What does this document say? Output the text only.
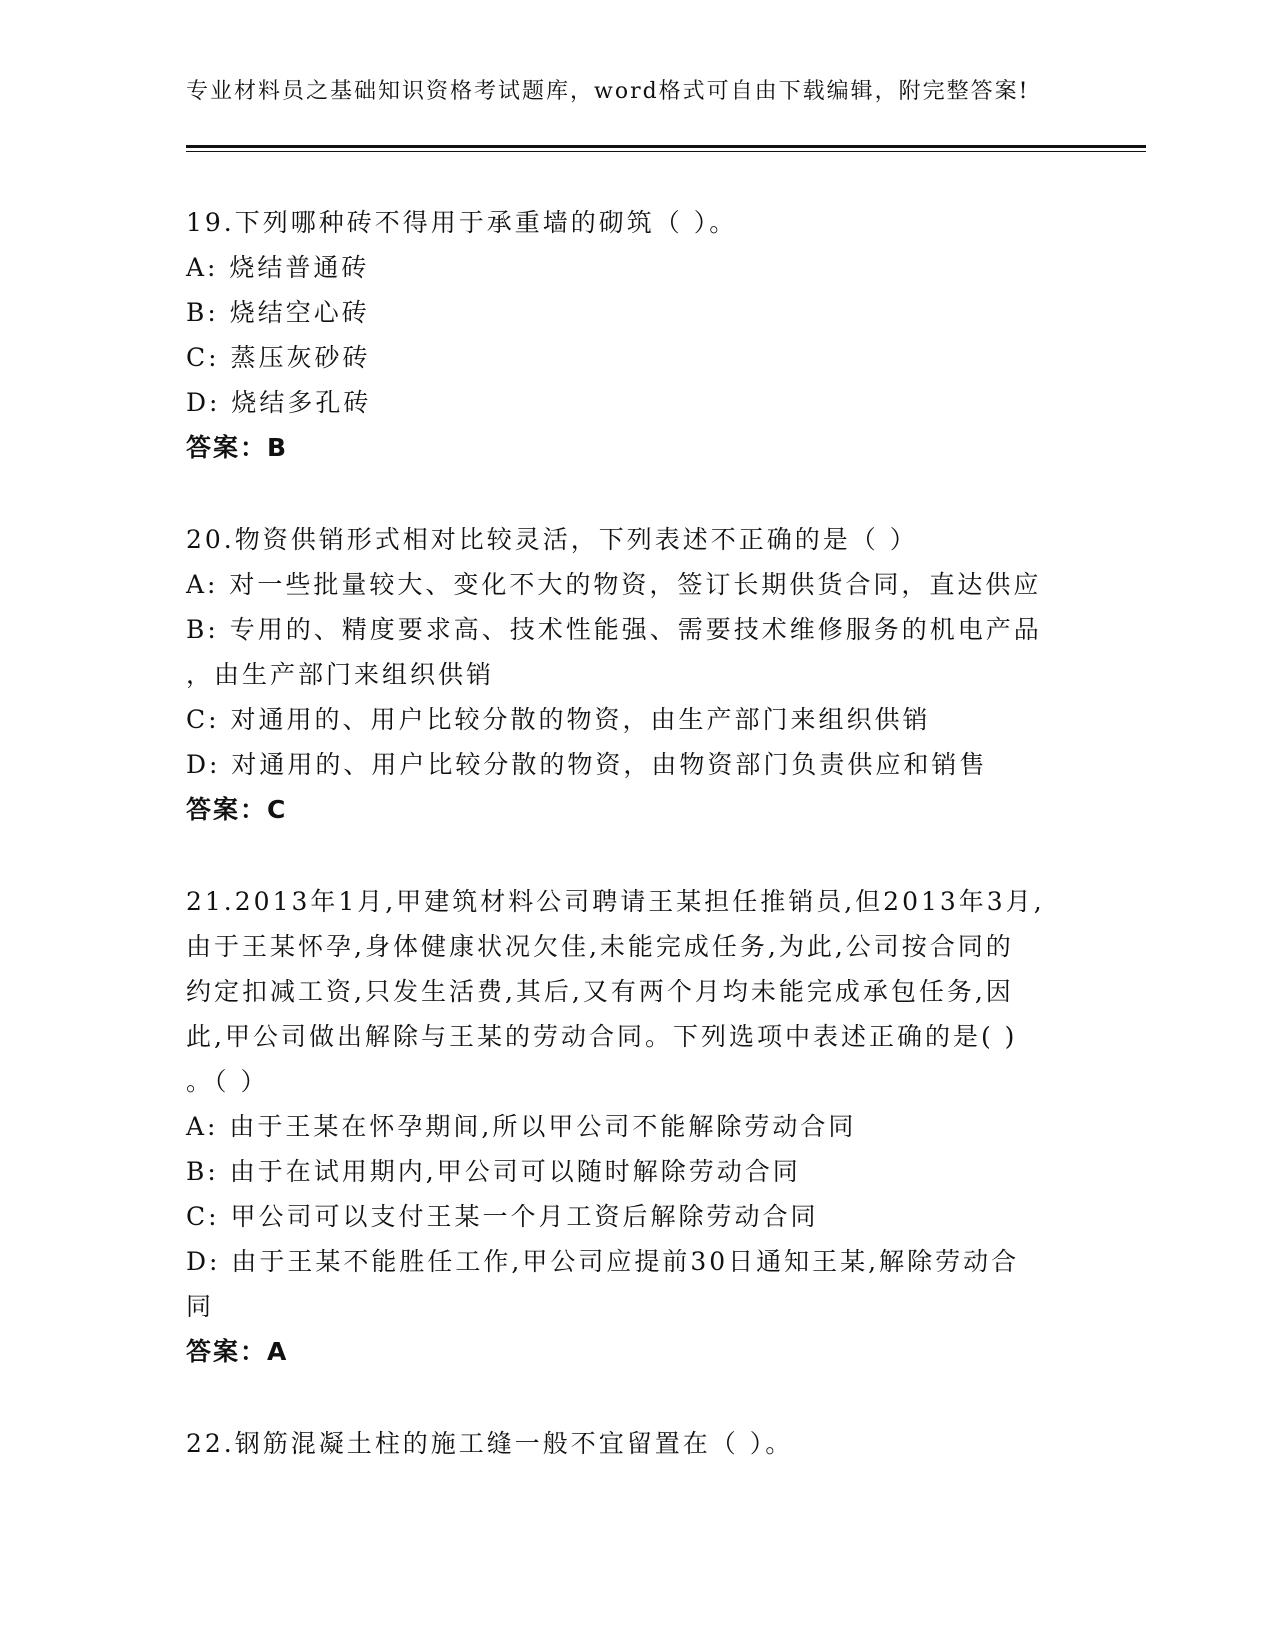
专业材料员之基础知识资格考试题库，word格式可自由下载编辑，附完整答案!
19.下列哪种砖不得用于承重墙的砌筑（ ）。
A: 烧结普通砖
B: 烧结空心砖
C: 蒸压灰砂砖
D: 烧结多孔砖
答案：B
20.物资供销形式相对比较灵活，下列表述不正确的是（ ）
A: 对一些批量较大、变化不大的物资，签订长期供货合同，直达供应
B: 专用的、精度要求高、技术性能强、需要技术维修服务的机电产品
，由生产部门来组织供销
C: 对通用的、用户比较分散的物资，由生产部门来组织供销
D: 对通用的、用户比较分散的物资，由物资部门负责供应和销售
答案：C
21.2013年1月,甲建筑材料公司聘请王某担任推销员,但2013年3月,
由于王某怀孕,身体健康状况欠佳,未能完成任务,为此,公司按合同的
约定扣减工资,只发生活费,其后,又有两个月均未能完成承包任务,因
此,甲公司做出解除与王某的劳动合同。下列选项中表述正确的是( )
。（ ）
A: 由于王某在怀孕期间,所以甲公司不能解除劳动合同
B: 由于在试用期内,甲公司可以随时解除劳动合同
C: 甲公司可以支付王某一个月工资后解除劳动合同
D: 由于王某不能胜任工作,甲公司应提前30日通知王某,解除劳动合
同
答案：A
22.钢筋混凝土柱的施工缝一般不宜留置在（ ）。
